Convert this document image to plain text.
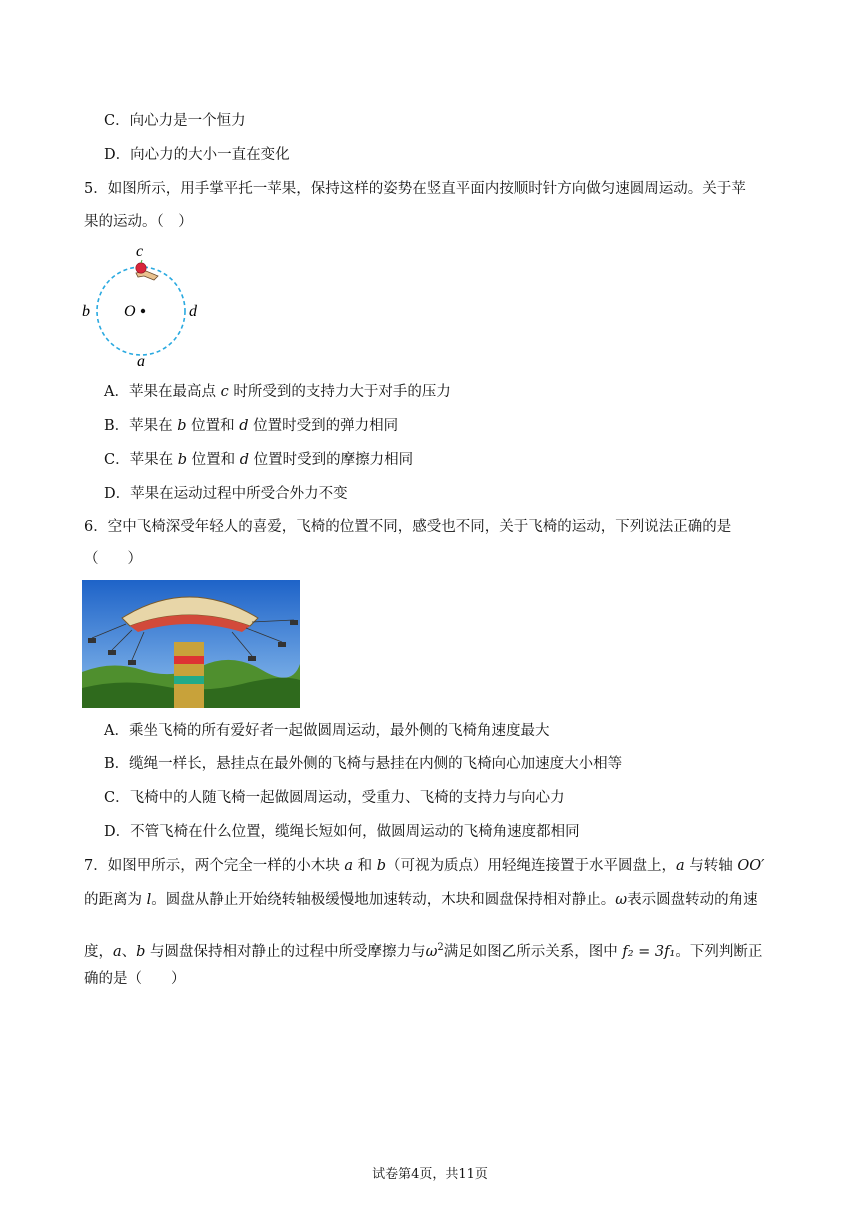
C．向心力是一个恒力
D．向心力的大小一直在变化
5．如图所示，用手掌平托一苹果，保持这样的姿势在竖直平面内按顺时针方向做匀速圆周运动。关于苹
果的运动。（　）
c
b O	d
a
A．苹果在最高点 c 时所受到的支持力大于对手的压力
B．苹果在 b 位置和 d 位置时受到的弹力相同
C．苹果在 b 位置和 d 位置时受到的摩擦力相同
D．苹果在运动过程中所受合外力不变
6．空中飞椅深受年轻人的喜爱，飞椅的位置不同，感受也不同，关于飞椅的运动，下列说法正确的是
（　　）
A．乘坐飞椅的所有爱好者一起做圆周运动，最外侧的飞椅角速度最大
B．缆绳一样长，悬挂点在最外侧的飞椅与悬挂在内侧的飞椅向心加速度大小相等
C．飞椅中的人随飞椅一起做圆周运动，受重力、飞椅的支持力与向心力
D．不管飞椅在什么位置，缆绳长短如何，做圆周运动的飞椅角速度都相同
7．如图甲所示，两个完全一样的小木块 a 和 b（可视为质点）用轻绳连接置于水平圆盘上，a 与转轴 OO′
的距离为 l。圆盘从静止开始绕转轴极缓慢地加速转动，木块和圆盘保持相对静止。ω表示圆盘转动的角速
度，a、b 与圆盘保持相对静止的过程中所受摩擦力与$\omega^2$满足如图乙所示关系，图中 f₂ = 3f₁。下列判断正
确的是（　　）
试卷第4页，共11页
